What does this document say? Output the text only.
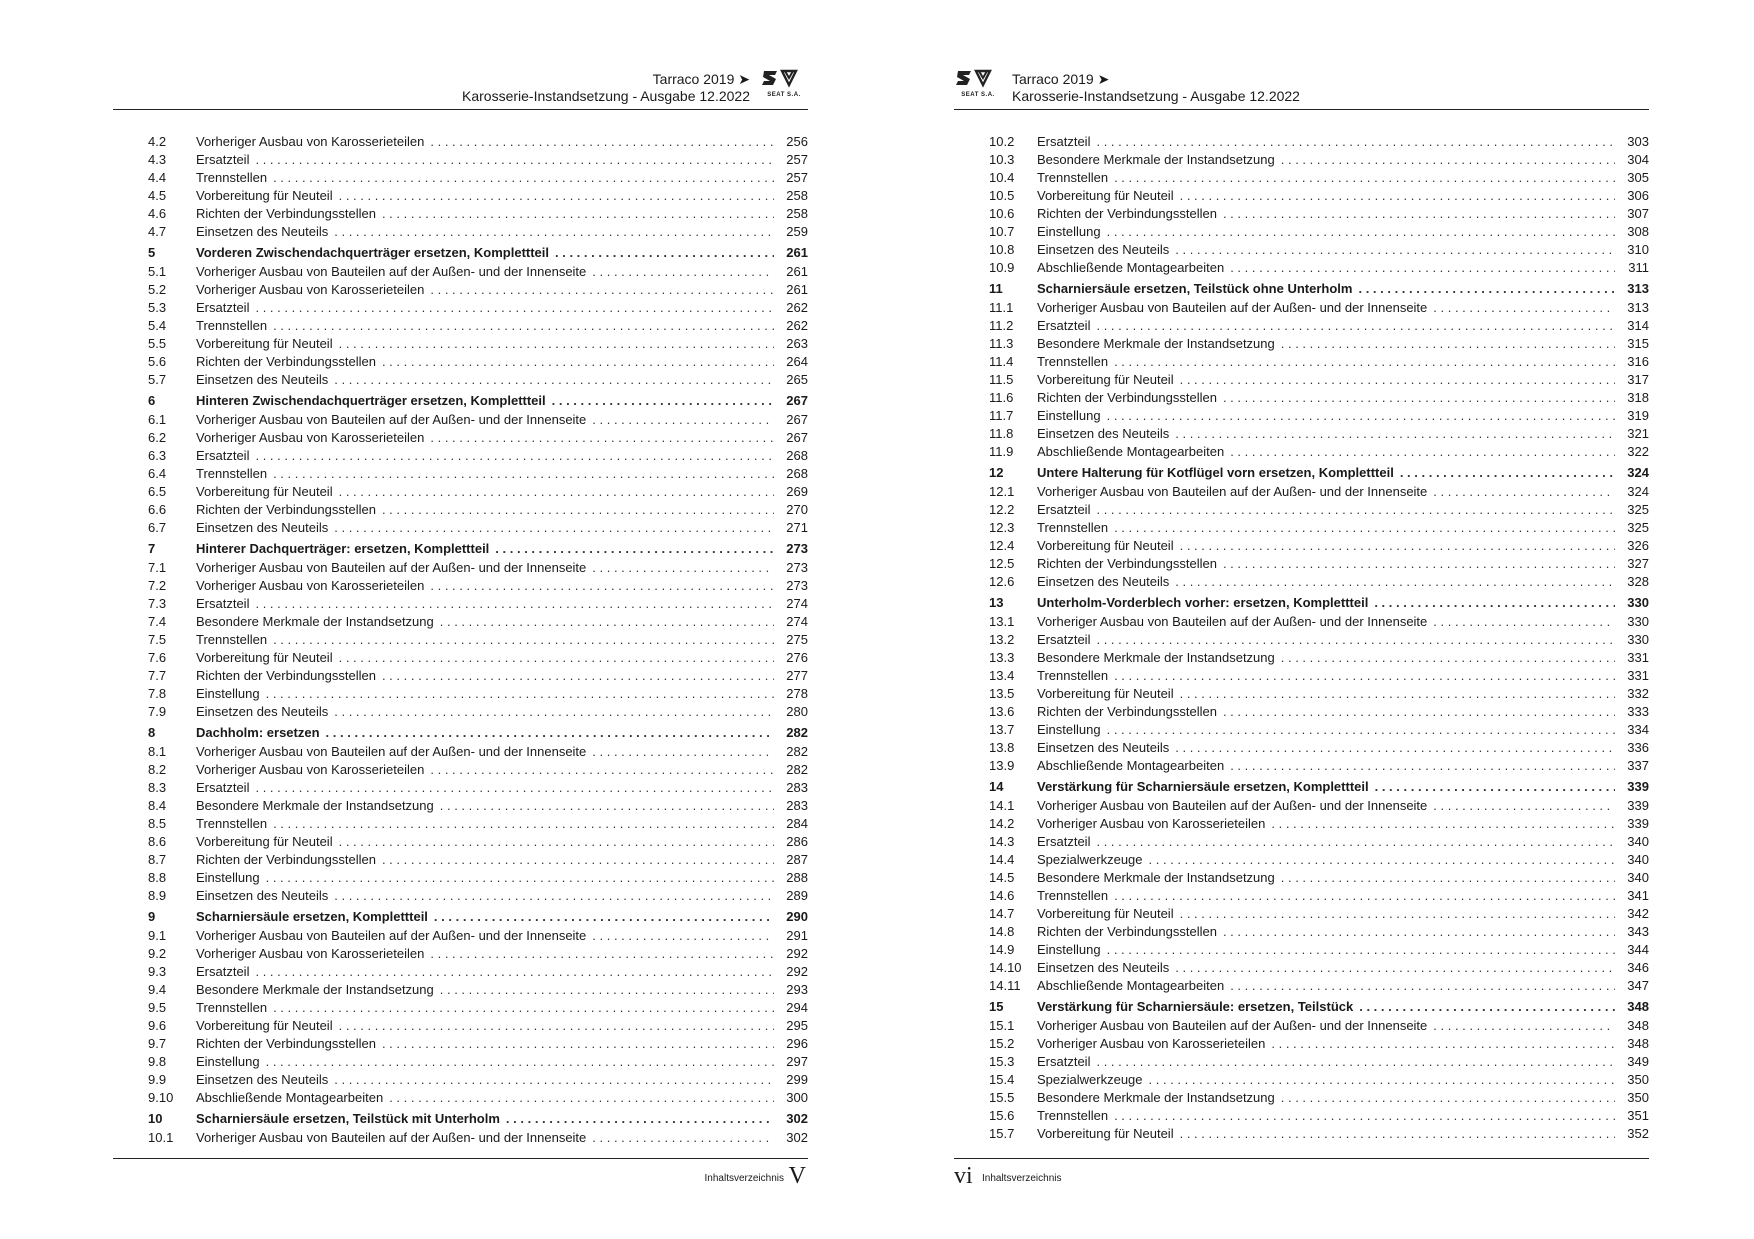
Tarraco 2019 ➤
Karosserie-Instandsetzung - Ausgabe 12.2022	SEAT S.A.
4.2 Vorheriger Ausbau von Karosserieteilen . . .	256
4.3 Ersatzteil . . .	257
4.4 Trennstellen . . .	257
4.5 Vorbereitung für Neuteil . . .	258
4.6 Richten der Verbindungsstellen . . .	258
4.7 Einsetzen des Neuteils . . .	259
5	Vorderen Zwischendachquerträger ersetzen, Komplettteil . . .	261
5.1 Vorheriger Ausbau von Bauteilen auf der Außen- und der Innenseite . . .	261
5.2 Vorheriger Ausbau von Karosserieteilen . . .	261
5.3 Ersatzteil . . .	262
5.4 Trennstellen . . .	262
5.5 Vorbereitung für Neuteil . . .	263
5.6 Richten der Verbindungsstellen . . .	264
5.7 Einsetzen des Neuteils . . .	265
6	Hinteren Zwischendachquerträger ersetzen, Komplettteil . . .	267
6.1 Vorheriger Ausbau von Bauteilen auf der Außen- und der Innenseite . . .	267
6.2 Vorheriger Ausbau von Karosserieteilen . . .	267
6.3 Ersatzteil . . .	268
6.4 Trennstellen . . .	268
6.5 Vorbereitung für Neuteil . . .	269
6.6 Richten der Verbindungsstellen . . .	270
6.7 Einsetzen des Neuteils . . .	271
7	Hinterer Dachquerträger: ersetzen, Komplettteil . . .	273
7.1 Vorheriger Ausbau von Bauteilen auf der Außen- und der Innenseite . . .	273
7.2 Vorheriger Ausbau von Karosserieteilen . . .	273
7.3 Ersatzteil . . .	274
7.4 Besondere Merkmale der Instandsetzung . . .	274
7.5 Trennstellen . . .	275
7.6 Vorbereitung für Neuteil . . .	276
7.7 Richten der Verbindungsstellen . . .	277
7.8 Einstellung . . .	278
7.9 Einsetzen des Neuteils . . .	280
8	Dachholm: ersetzen . . .	282
8.1 Vorheriger Ausbau von Bauteilen auf der Außen- und der Innenseite . . .	282
8.2 Vorheriger Ausbau von Karosserieteilen . . .	282
8.3 Ersatzteil . . .	283
8.4 Besondere Merkmale der Instandsetzung . . .	283
8.5 Trennstellen . . .	284
8.6 Vorbereitung für Neuteil . . .	286
8.7 Richten der Verbindungsstellen . . .	287
8.8 Einstellung . . .	288
8.9 Einsetzen des Neuteils . . .	289
9	Scharniersäule ersetzen, Komplettteil . . .	290
9.1 Vorheriger Ausbau von Bauteilen auf der Außen- und der Innenseite . . .	291
9.2 Vorheriger Ausbau von Karosserieteilen . . .	292
9.3 Ersatzteil . . .	292
9.4 Besondere Merkmale der Instandsetzung . . .	293
9.5 Trennstellen . . .	294
9.6 Vorbereitung für Neuteil . . .	295
9.7 Richten der Verbindungsstellen . . .	296
9.8 Einstellung . . .	297
9.9 Einsetzen des Neuteils . . .	299
9.10 Abschließende Montagearbeiten . . .	300
10	Scharniersäule ersetzen, Teilstück mit Unterholm . . .	302
10.1 Vorheriger Ausbau von Bauteilen auf der Außen- und der Innenseite . . .	302
Inhaltsverzeichnis V
SEAT S.A.
Tarraco 2019 ➤
Karosserie-Instandsetzung - Ausgabe 12.2022
10.2 Ersatzteil . . .	303
10.3 Besondere Merkmale der Instandsetzung . . .	304
10.4 Trennstellen . . .	305
10.5 Vorbereitung für Neuteil . . .	306
10.6 Richten der Verbindungsstellen . . .	307
10.7 Einstellung . . .	308
10.8 Einsetzen des Neuteils . . .	310
10.9 Abschließende Montagearbeiten . . .	311
11	Scharniersäule ersetzen, Teilstück ohne Unterholm . . .	313
11.1 Vorheriger Ausbau von Bauteilen auf der Außen- und der Innenseite . . .	313
11.2 Ersatzteil . . .	314
11.3 Besondere Merkmale der Instandsetzung . . .	315
11.4 Trennstellen . . .	316
11.5 Vorbereitung für Neuteil . . .	317
11.6 Richten der Verbindungsstellen . . .	318
11.7 Einstellung . . .	319
11.8 Einsetzen des Neuteils . . .	321
11.9 Abschließende Montagearbeiten . . .	322
12	Untere Halterung für Kotflügel vorn ersetzen, Komplettteil . . .	324
12.1 Vorheriger Ausbau von Bauteilen auf der Außen- und der Innenseite . . .	324
12.2 Ersatzteil . . .	325
12.3 Trennstellen . . .	325
12.4 Vorbereitung für Neuteil . . .	326
12.5 Richten der Verbindungsstellen . . .	327
12.6 Einsetzen des Neuteils . . .	328
13	Unterholm-Vorderblech vorher: ersetzen, Komplettteil . . .	330
13.1 Vorheriger Ausbau von Bauteilen auf der Außen- und der Innenseite . . .	330
13.2 Ersatzteil . . .	330
13.3 Besondere Merkmale der Instandsetzung . . .	331
13.4 Trennstellen . . .	331
13.5 Vorbereitung für Neuteil . . .	332
13.6 Richten der Verbindungsstellen . . .	333
13.7 Einstellung . . .	334
13.8 Einsetzen des Neuteils . . .	336
13.9 Abschließende Montagearbeiten . . .	337
14	Verstärkung für Scharniersäule ersetzen, Komplettteil . . .	339
14.1 Vorheriger Ausbau von Bauteilen auf der Außen- und der Innenseite . . .	339
14.2 Vorheriger Ausbau von Karosserieteilen . . .	339
14.3 Ersatzteil . . .	340
14.4 Spezialwerkzeuge . . .	340
14.5 Besondere Merkmale der Instandsetzung . . .	340
14.6 Trennstellen . . .	341
14.7 Vorbereitung für Neuteil . . .	342
14.8 Richten der Verbindungsstellen . . .	343
14.9 Einstellung . . .	344
14.10 Einsetzen des Neuteils . . .	346
14.11 Abschließende Montagearbeiten . . .	347
15	Verstärkung für Scharniersäule: ersetzen, Teilstück . . .	348
15.1 Vorheriger Ausbau von Bauteilen auf der Außen- und der Innenseite . . .	348
15.2 Vorheriger Ausbau von Karosserieteilen . . .	348
15.3 Ersatzteil . . .	349
15.4 Spezialwerkzeuge . . .	350
15.5 Besondere Merkmale der Instandsetzung . . .	350
15.6 Trennstellen . . .	351
15.7 Vorbereitung für Neuteil . . .	352
vi Inhaltsverzeichnis
